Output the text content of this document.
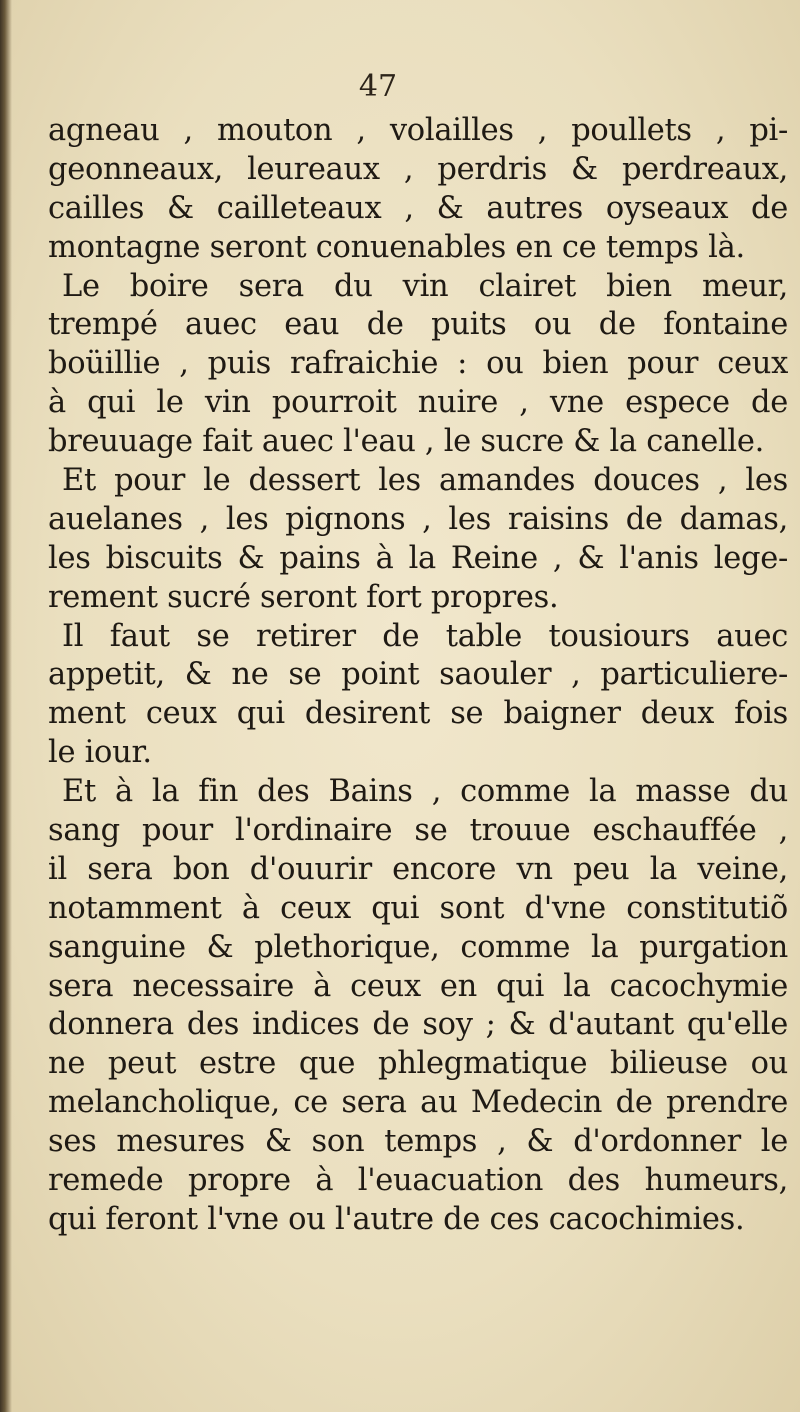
47
agneau , mouton , volailles , poullets , pi-
geonneaux, leureaux , perdris & perdreaux,
cailles & cailleteaux , & autres oyseaux de
montagne seront conuenables en ce temps là.
Le boire sera du vin clairet bien meur,
trempé auec eau de puits ou de fontaine
boüillie , puis rafraichie : ou bien pour ceux
à qui le vin pourroit nuire , vne espece de
breuuage fait auec l'eau , le sucre & la canelle.
Et pour le dessert les amandes douces , les
auelanes , les pignons , les raisins de damas,
les biscuits & pains à la Reine , & l'anis lege-
rement sucré seront fort propres.
Il faut se retirer de table tousiours auec
appetit, & ne se point saouler , particuliere-
ment ceux qui desirent se baigner deux fois
le iour.
Et à la fin des Bains , comme la masse du
sang pour l'ordinaire se trouue eschauffée ,
il sera bon d'ouurir encore vn peu la veine,
notamment à ceux qui sont d'vne constitutiõ
sanguine & plethorique, comme la purgation
sera necessaire à ceux en qui la cacochymie
donnera des indices de soy ; & d'autant qu'elle
ne peut estre que phlegmatique bilieuse ou
melancholique, ce sera au Medecin de prendre
ses mesures & son temps , & d'ordonner le
remede propre à l'euacuation des humeurs,
qui feront l'vne ou l'autre de ces cacochimies.
